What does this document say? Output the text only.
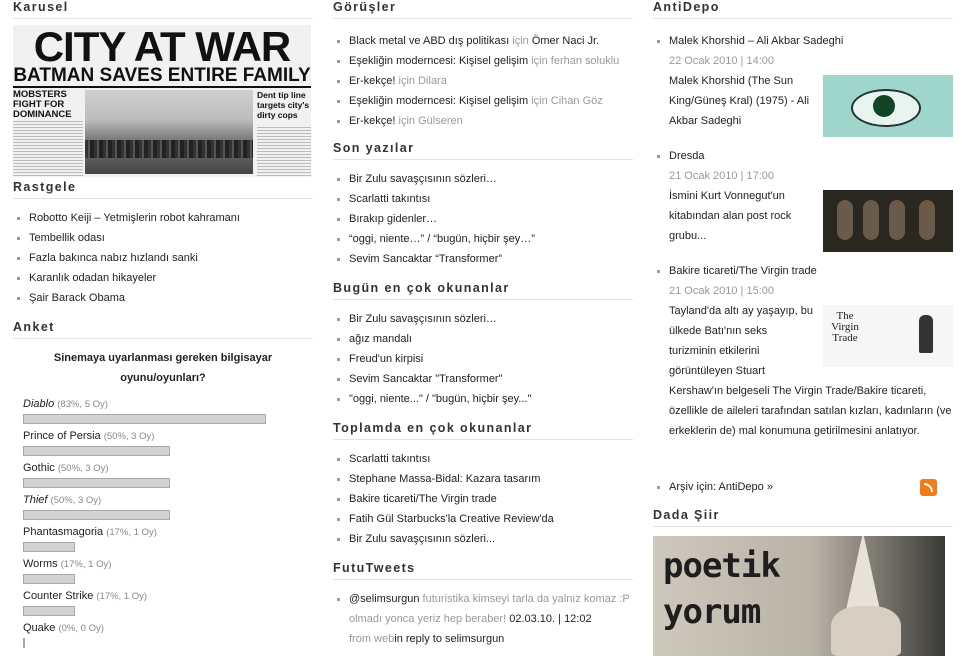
Karusel
CITY AT WAR
BATMAN SAVES ENTIRE FAMILY
MOBSTERS FIGHT FOR DOMINANCE
Dent tip line targets city's dirty cops
Rastgele
Robotto Keiji – Yetmişlerin robot kahramanı
Tembellik odası
Fazla bakınca nabız hızlandı sanki
Karanlık odadan hikayeler
Şair Barack Obama
Anket
Sinemaya uyarlanması gereken bilgisayar oyunu/oyunları?
Diablo (83%, 5 Oy)
Prince of Persia (50%, 3 Oy)
Gothic (50%, 3 Oy)
Thief (50%, 3 Oy)
Phantasmagoria (17%, 1 Oy)
Worms (17%, 1 Oy)
Counter Strike (17%, 1 Oy)
Quake (0%, 0 Oy)
Görüşler
Black metal ve ABD dış politikası için Ömer Naci Jr.
Eşekliğin moderncesi: Kişisel gelişim için ferhan soluklu
Er-kekçe! için Dilara
Eşekliğin moderncesi: Kişisel gelişim için Cihan Göz
Er-kekçe! için Gülseren
Son yazılar
Bir Zulu savaşçısının sözleri…
Scarlatti takıntısı
Bırakıp gidenler…
“oggi, niente…” / “bugün, hiçbir şey…”
Sevim Sancaktar “Transformer”
Bugün en çok okunanlar
Bir Zulu savaşçısının sözleri…
ağız mandalı
Freud'un kirpisi
Sevim Sancaktar "Transformer"
"oggi, niente..." / "bugün, hiçbir şey..."
Toplamda en çok okunanlar
Scarlatti takıntısı
Stephane Massa-Bidal: Kazara tasarım
Bakire ticareti/The Virgin trade
Fatih Gül Starbucks'la Creative Review'da
Bir Zulu savaşçısının sözleri...
FutuTweets
@selimsurgun futuristika kimseyi tarla da yalnız komaz :P olmadı yonca yeriz hep beraber! 02.03.10. | 12:02
from webin reply to selimsurgun
AntiDepo
Malek Khorshid – Ali Akbar Sadeghi
22 Ocak 2010 | 14:00
Malek Khorshid (The Sun King/Güneş Kral) (1975) - Ali Akbar Sadeghi
Dresda
21 Ocak 2010 | 17:00
İsmini Kurt Vonnegut'un kitabından alan post rock grubu...
Bakire ticareti/The Virgin trade
21 Ocak 2010 | 15:00
The Virgin Trade
Tayland'da altı ay yaşayıp, bu ülkede Batı'nın seks turizminin etkilerini görüntüleyen Stuart Kershaw'ın belgeseli The Virgin Trade/Bakire ticareti, özellikle de aileleri tarafından satılan kızları, kadınların (ve erkeklerin de) mal konumuna getirilmesini anlatıyor.
Arşiv için: AntiDepo »
Dada Şiir
poetik
yorum
